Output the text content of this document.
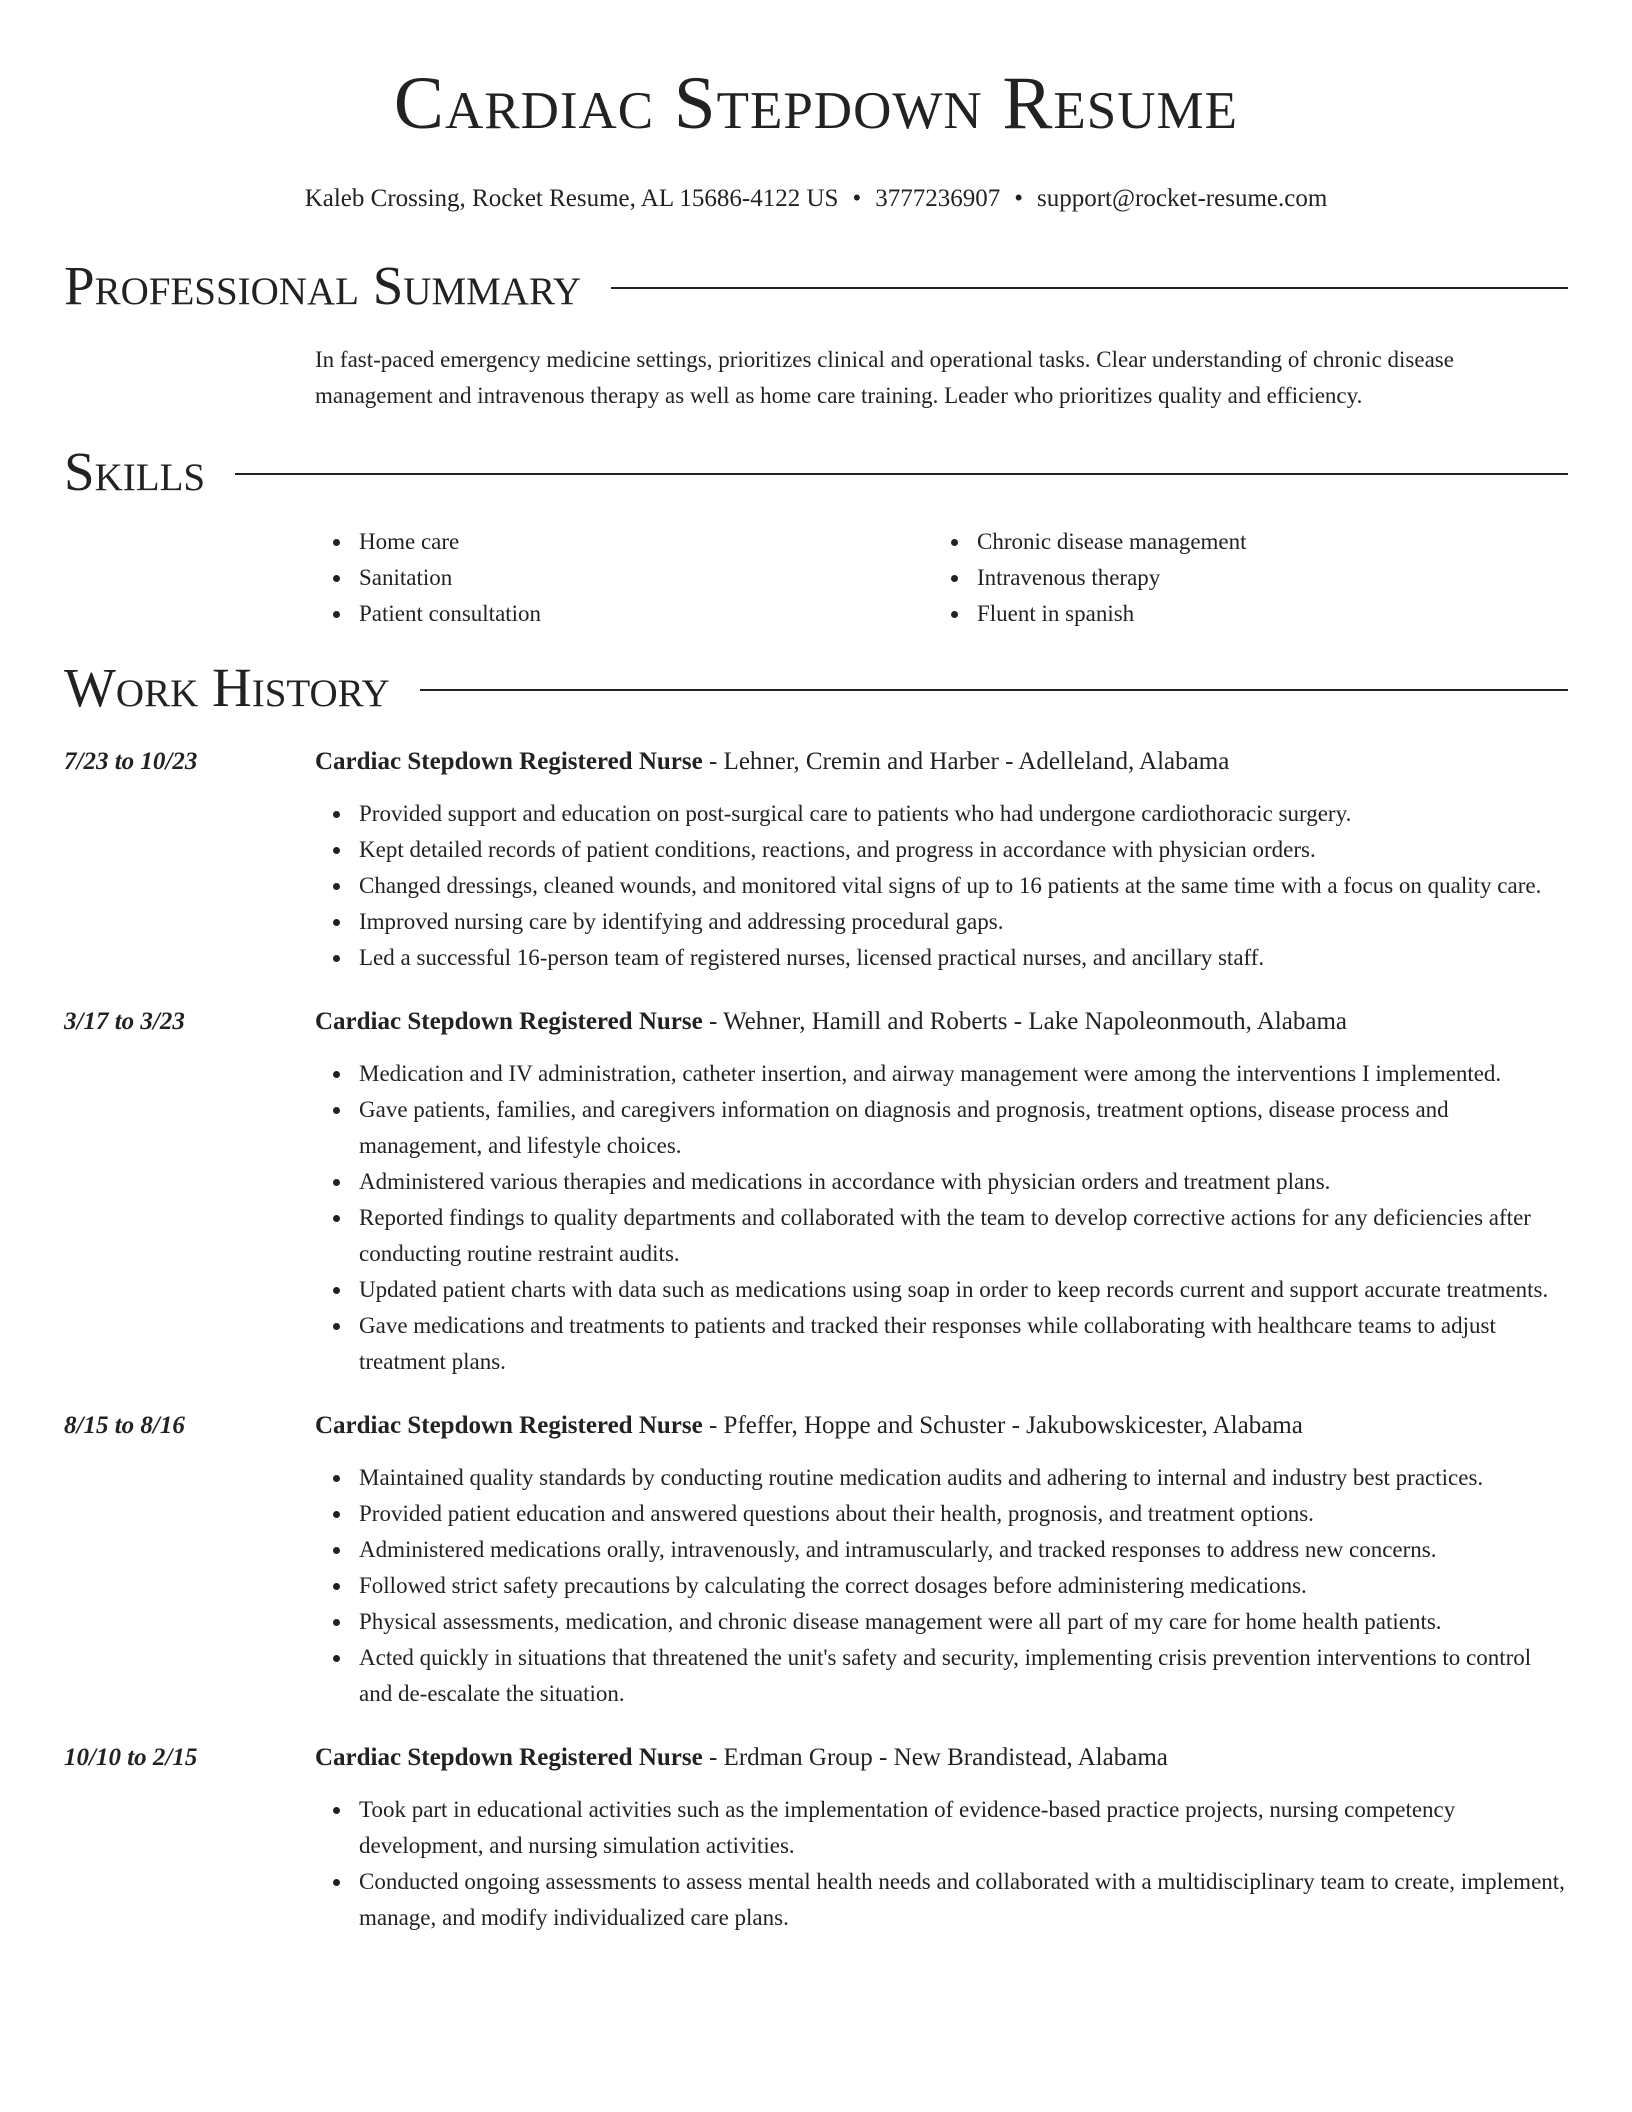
Cardiac Stepdown Resume
Kaleb Crossing, Rocket Resume, AL 15686-4122 US • 3777236907 • support@rocket-resume.com
Professional Summary
In fast-paced emergency medicine settings, prioritizes clinical and operational tasks. Clear understanding of chronic disease management and intravenous therapy as well as home care training. Leader who prioritizes quality and efficiency.
Skills
Home care
Sanitation
Patient consultation
Chronic disease management
Intravenous therapy
Fluent in spanish
Work History
7/23 to 10/23	Cardiac Stepdown Registered Nurse - Lehner, Cremin and Harber - Adelleland, Alabama
Provided support and education on post-surgical care to patients who had undergone cardiothoracic surgery.
Kept detailed records of patient conditions, reactions, and progress in accordance with physician orders.
Changed dressings, cleaned wounds, and monitored vital signs of up to 16 patients at the same time with a focus on quality care.
Improved nursing care by identifying and addressing procedural gaps.
Led a successful 16-person team of registered nurses, licensed practical nurses, and ancillary staff.
3/17 to 3/23	Cardiac Stepdown Registered Nurse - Wehner, Hamill and Roberts - Lake Napoleonmouth, Alabama
Medication and IV administration, catheter insertion, and airway management were among the interventions I implemented.
Gave patients, families, and caregivers information on diagnosis and prognosis, treatment options, disease process and management, and lifestyle choices.
Administered various therapies and medications in accordance with physician orders and treatment plans.
Reported findings to quality departments and collaborated with the team to develop corrective actions for any deficiencies after conducting routine restraint audits.
Updated patient charts with data such as medications using soap in order to keep records current and support accurate treatments.
Gave medications and treatments to patients and tracked their responses while collaborating with healthcare teams to adjust treatment plans.
8/15 to 8/16	Cardiac Stepdown Registered Nurse - Pfeffer, Hoppe and Schuster - Jakubowskicester, Alabama
Maintained quality standards by conducting routine medication audits and adhering to internal and industry best practices.
Provided patient education and answered questions about their health, prognosis, and treatment options.
Administered medications orally, intravenously, and intramuscularly, and tracked responses to address new concerns.
Followed strict safety precautions by calculating the correct dosages before administering medications.
Physical assessments, medication, and chronic disease management were all part of my care for home health patients.
Acted quickly in situations that threatened the unit's safety and security, implementing crisis prevention interventions to control and de-escalate the situation.
10/10 to 2/15	Cardiac Stepdown Registered Nurse - Erdman Group - New Brandistead, Alabama
Took part in educational activities such as the implementation of evidence-based practice projects, nursing competency development, and nursing simulation activities.
Conducted ongoing assessments to assess mental health needs and collaborated with a multidisciplinary team to create, implement, manage, and modify individualized care plans.
